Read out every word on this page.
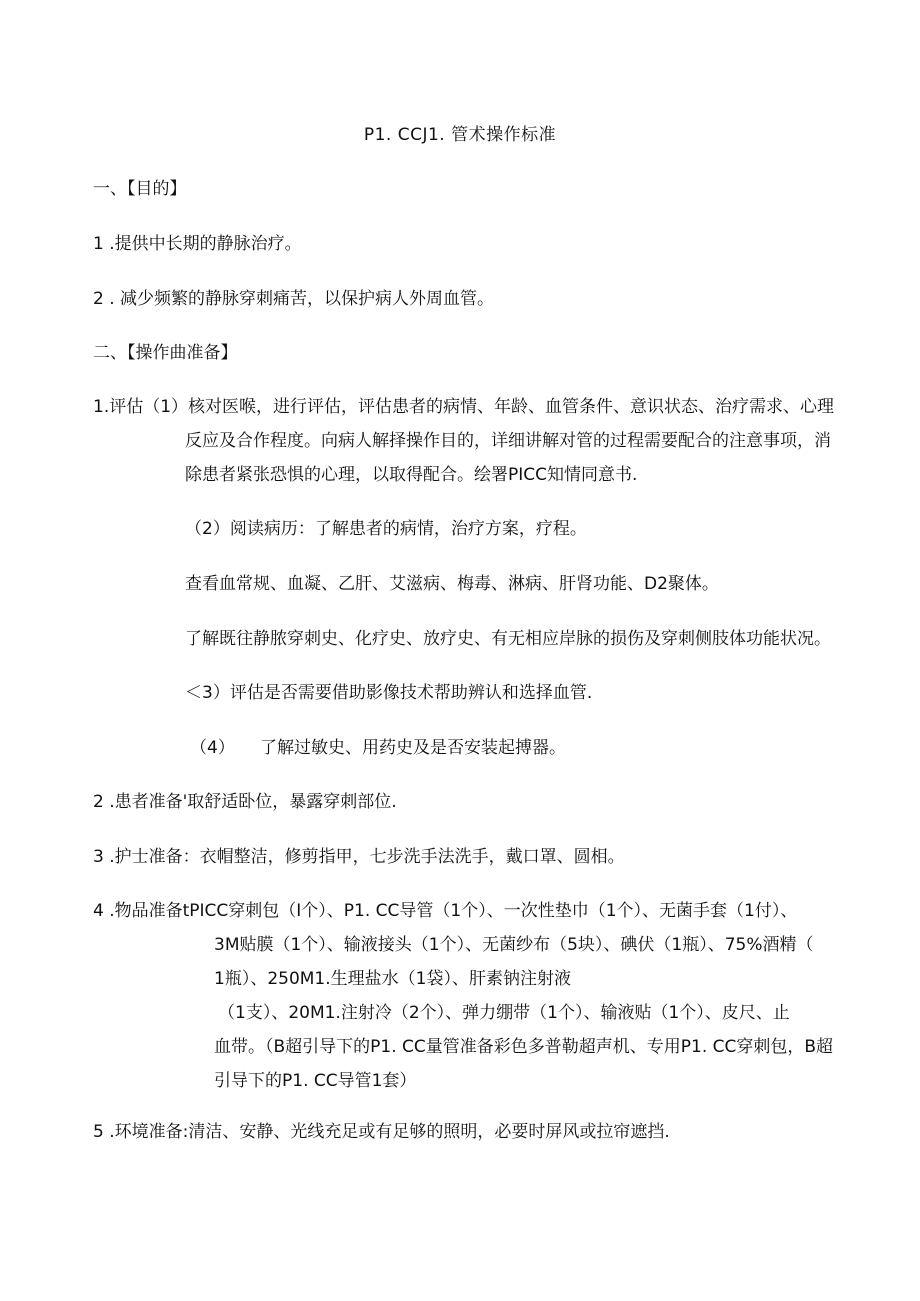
P1. CCJ1. 管术操作标准
一、【目的】
1 .提供中长期的静脉治疗。
2 . 减少频繁的静脉穿刺痛苦，以保护病人外周血管。
二、【操作曲准备】
1.评估（1）核对医喉，进行评估，评估患者的病情、年龄、血管条件、意识状态、治疗需求、心理
反应及合作程度。向病人解择操作目的，详细讲解对管的过程需要配合的注意事项，消
除患者紧张恐惧的心理，以取得配合。绘署PICC知情同意书.
（2）阅读病历：了解患者的病情，治疗方案，疗程。
查看血常规、血凝、乙肝、艾滋病、梅毒、淋病、肝肾功能、D2聚体。
了解既往静脓穿刺史、化疗史、放疗史、有无相应岸脉的损伤及穿刺侧肢体功能状况。
＜3）评估是否需要借助影像技术帮助辨认和选择血管.
（4） 了解过敏史、用药史及是否安装起搏器。
2 .患者准备'取舒适卧位，暴露穿刺部位.
3 .护士准备：衣帽整洁，修剪指甲，七步洗手法洗手，戴口罩、圆相。
4 .物品准备tPICC穿刺包（I个）、P1. CC导管（1个）、一次性垫巾（1个）、无菌手套（1付）、
3M贴膜（1个）、输液接头（1个）、无菌纱布（5块）、碘伏（1瓶）、75%酒精（
1瓶）、250M1.生理盐水（1袋）、肝素钠注射液
（1支）、20M1.注射冷（2个）、弹力绷带（1个）、输液贴（1个）、皮尺、止
血带。（B超引导下的P1. CC量管准备彩色多普勒超声机、专用P1. CC穿刺包，B超
引导下的P1. CC导管1套）
5 .环境准备:清洁、安静、光线充足或有足够的照明，必要时屏风或拉帘遮挡.
